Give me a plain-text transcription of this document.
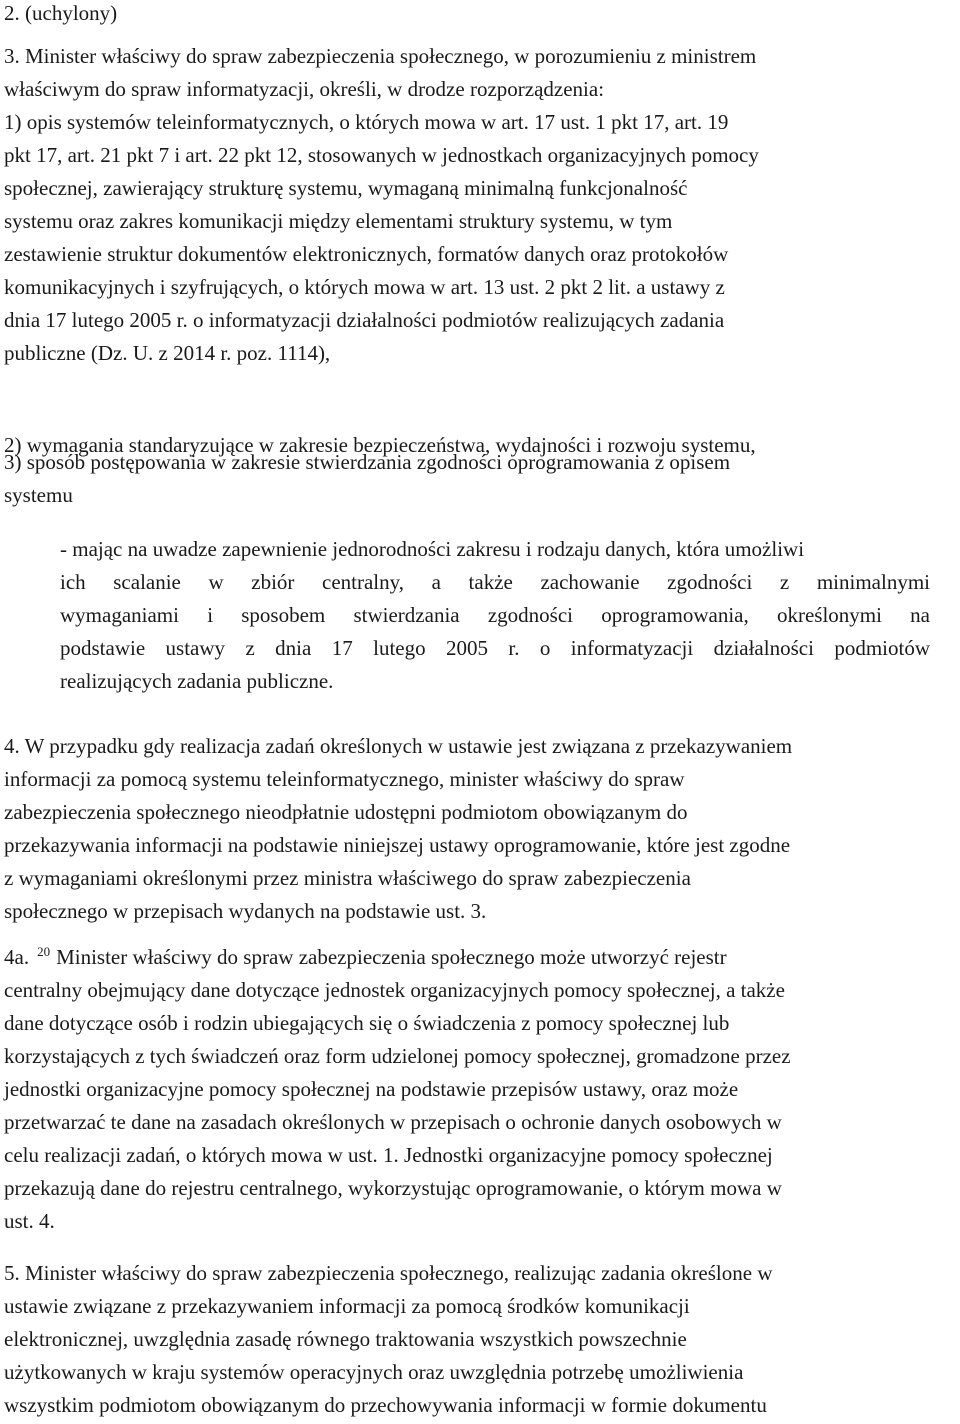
2. (uchylony)
3. Minister właściwy do spraw zabezpieczenia społecznego, w porozumieniu z ministrem
właściwym do spraw informatyzacji, określi, w drodze rozporządzenia:
1) opis systemów teleinformatycznych, o których mowa w art. 17 ust. 1 pkt 17, art. 19
pkt 17, art. 21 pkt 7 i art. 22 pkt 12, stosowanych w jednostkach organizacyjnych pomocy
społecznej, zawierający strukturę systemu, wymaganą minimalną funkcjonalność
systemu oraz zakres komunikacji między elementami struktury systemu, w tym
zestawienie struktur dokumentów elektronicznych, formatów danych oraz protokołów
komunikacyjnych i szyfrujących, o których mowa w art. 13 ust. 2 pkt 2 lit. a ustawy z
dnia 17 lutego 2005 r. o informatyzacji działalności podmiotów realizujących zadania
publiczne (Dz. U. z 2014 r. poz. 1114),
2) wymagania standaryzujące w zakresie bezpieczeństwa, wydajności i rozwoju systemu,
3) sposób postępowania w zakresie stwierdzania zgodności oprogramowania z opisem
systemu
- mając na uwadze zapewnienie jednorodności zakresu i rodzaju danych, która umożliwi
ich scalanie w zbiór centralny, a także zachowanie zgodności z minimalnymi
wymaganiami i sposobem stwierdzania zgodności oprogramowania, określonymi na
podstawie ustawy z dnia 17 lutego 2005 r. o informatyzacji działalności podmiotów
realizujących zadania publiczne.
4. W przypadku gdy realizacja zadań określonych w ustawie jest związana z przekazywaniem
informacji za pomocą systemu teleinformatycznego, minister właściwy do spraw
zabezpieczenia społecznego nieodpłatnie udostępni podmiotom obowiązanym do
przekazywania informacji na podstawie niniejszej ustawy oprogramowanie, które jest zgodne
z wymaganiami określonymi przez ministra właściwego do spraw zabezpieczenia
społecznego w przepisach wydanych na podstawie ust. 3.
4a. $^{20}$ Minister właściwy do spraw zabezpieczenia społecznego może utworzyć rejestr
centralny obejmujący dane dotyczące jednostek organizacyjnych pomocy społecznej, a także
dane dotyczące osób i rodzin ubiegających się o świadczenia z pomocy społecznej lub
korzystających z tych świadczeń oraz form udzielonej pomocy społecznej, gromadzone przez
jednostki organizacyjne pomocy społecznej na podstawie przepisów ustawy, oraz może
przetwarzać te dane na zasadach określonych w przepisach o ochronie danych osobowych w
celu realizacji zadań, o których mowa w ust. 1. Jednostki organizacyjne pomocy społecznej
przekazują dane do rejestru centralnego, wykorzystując oprogramowanie, o którym mowa w
ust. 4.
5. Minister właściwy do spraw zabezpieczenia społecznego, realizując zadania określone w
ustawie związane z przekazywaniem informacji za pomocą środków komunikacji
elektronicznej, uwzględnia zasadę równego traktowania wszystkich powszechnie
użytkowanych w kraju systemów operacyjnych oraz uwzględnia potrzebę umożliwienia
wszystkim podmiotom obowiązanym do przechowywania informacji w formie dokumentu
